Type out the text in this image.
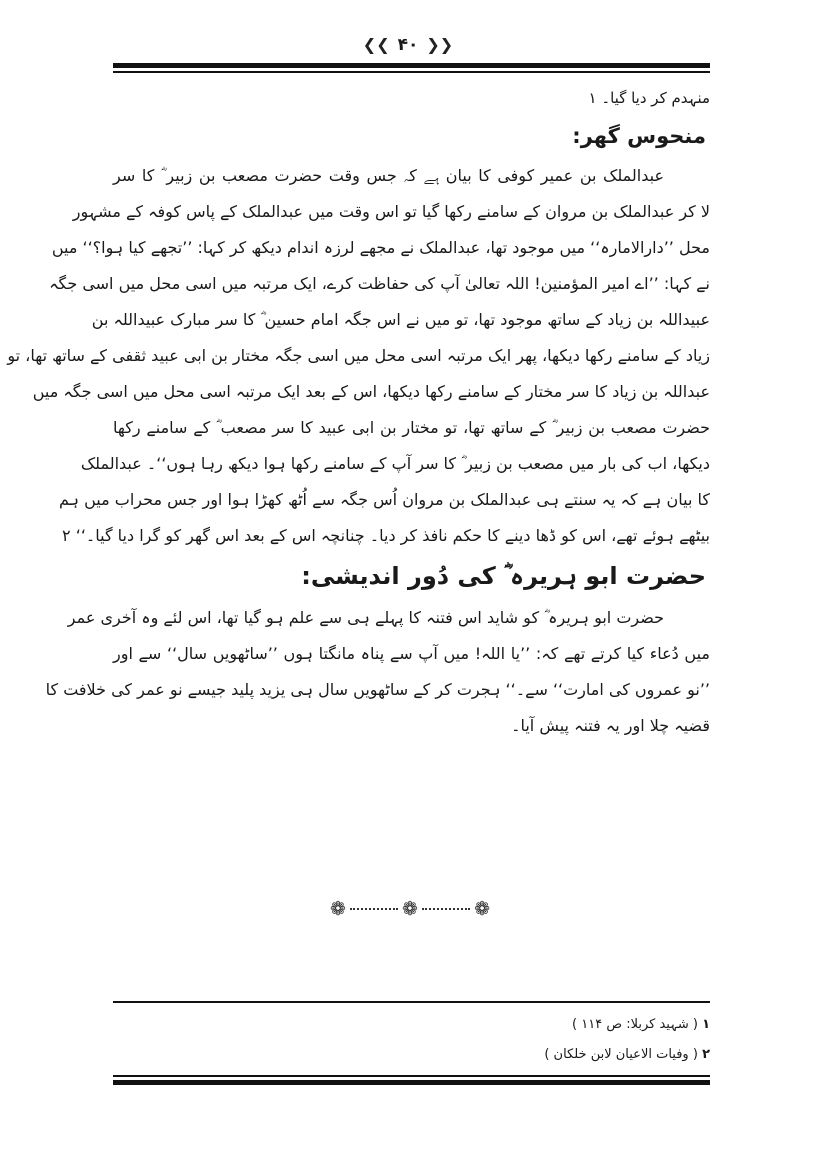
❮❮ ۴۰ ❯❯
منہدم کر دیا گیا۔ ۱
منحوس گھر:
عبدالملک بن عمیر کوفی کا بیان ہے کہ جس وقت حضرت مصعب بن زبیر ؓ کا سر
لا کر عبدالملک بن مروان کے سامنے رکھا گیا تو اس وقت میں عبدالملک کے پاس کوفہ کے مشہور
محل ’’دارالامارہ‘‘ میں موجود تھا، عبدالملک نے مجھے لرزہ اندام دیکھ کر کہا: ’’تجھے کیا ہوا؟‘‘ میں
نے کہا: ’’اے امیر المؤمنین! اللہ تعالیٰ آپ کی حفاظت کرے، ایک مرتبہ میں اسی محل میں اسی جگہ
عبیداللہ بن زیاد کے ساتھ موجود تھا، تو میں نے اس جگہ امام حسین ؓ کا سر مبارک عبیداللہ بن
زیاد کے سامنے رکھا دیکھا، پھر ایک مرتبہ اسی محل میں اسی جگہ مختار بن ابی عبید ثقفی کے ساتھ تھا، تو
عبداللہ بن زیاد کا سر مختار کے سامنے رکھا دیکھا، اس کے بعد ایک مرتبہ اسی محل میں اسی جگہ میں
حضرت مصعب بن زبیر ؓ کے ساتھ تھا، تو مختار بن ابی عبید کا سر مصعب ؓ کے سامنے رکھا
دیکھا، اب کی بار میں مصعب بن زبیر ؓ کا سر آپ کے سامنے رکھا ہوا دیکھ رہا ہوں‘‘۔ عبدالملک
کا بیان ہے کہ یہ سنتے ہی عبدالملک بن مروان اُس جگہ سے اُٹھ کھڑا ہوا اور جس محراب میں ہم
بیٹھے ہوئے تھے، اس کو ڈھا دینے کا حکم نافذ کر دیا۔ چنانچہ اس کے بعد اس گھر کو گرا دیا گیا۔‘‘ ۲
حضرت ابو ہریرہ ؓ کی دُور اندیشی:
حضرت ابو ہریرہ ؓ کو شاید اس فتنہ کا پہلے ہی سے علم ہو گیا تھا، اس لئے وہ آخری عمر
میں دُعاء کیا کرتے تھے کہ: ’’یا اللہ! میں آپ سے پناہ مانگتا ہوں ’’ساٹھویں سال‘‘ سے اور
’’نو عمروں کی امارت‘‘ سے۔‘‘ ہجرت کر کے ساٹھویں سال ہی یزید پلید جیسے نو عمر کی خلافت کا
قضیہ چلا اور یہ فتنہ پیش آیا۔
❁	❁	❁
۱ ( شہید کربلا: ص ۱۱۴ )
۲ ( وفیات الاعیان لابن خلکان )
